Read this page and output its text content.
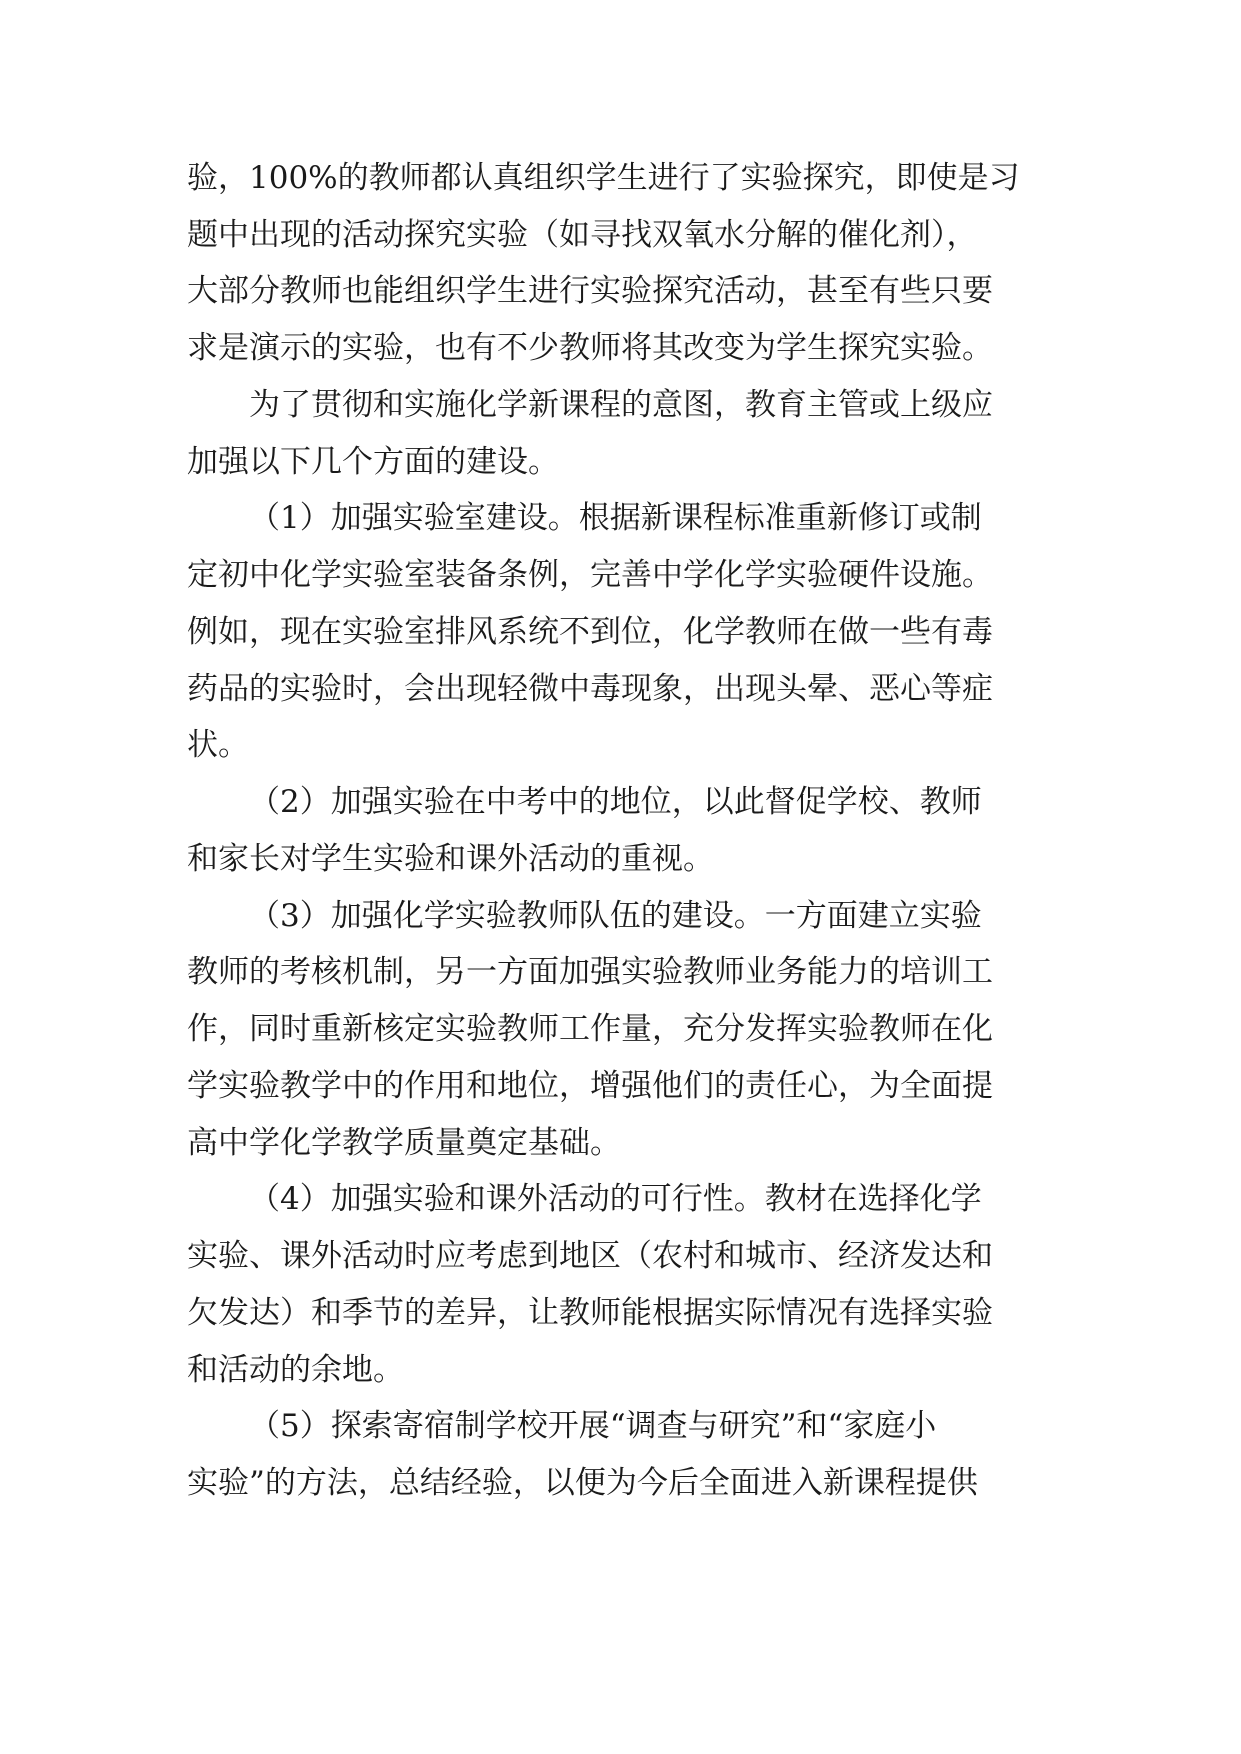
验，100%的教师都认真组织学生进行了实验探究，即使是习
题中出现的活动探究实验（如寻找双氧水分解的催化剂），
大部分教师也能组织学生进行实验探究活动，甚至有些只要
求是演示的实验，也有不少教师将其改变为学生探究实验。
为了贯彻和实施化学新课程的意图，教育主管或上级应
加强以下几个方面的建设。
（1）加强实验室建设。根据新课程标准重新修订或制
定初中化学实验室装备条例，完善中学化学实验硬件设施。
例如，现在实验室排风系统不到位，化学教师在做一些有毒
药品的实验时，会出现轻微中毒现象，出现头晕、恶心等症
状。
（2）加强实验在中考中的地位，以此督促学校、教师
和家长对学生实验和课外活动的重视。
（3）加强化学实验教师队伍的建设。一方面建立实验
教师的考核机制，另一方面加强实验教师业务能力的培训工
作，同时重新核定实验教师工作量，充分发挥实验教师在化
学实验教学中的作用和地位，增强他们的责任心，为全面提
高中学化学教学质量奠定基础。
（4）加强实验和课外活动的可行性。教材在选择化学
实验、课外活动时应考虑到地区（农村和城市、经济发达和
欠发达）和季节的差异，让教师能根据实际情况有选择实验
和活动的余地。
（5）探索寄宿制学校开展“调查与研究”和“家庭小
实验”的方法，总结经验，以便为今后全面进入新课程提供
